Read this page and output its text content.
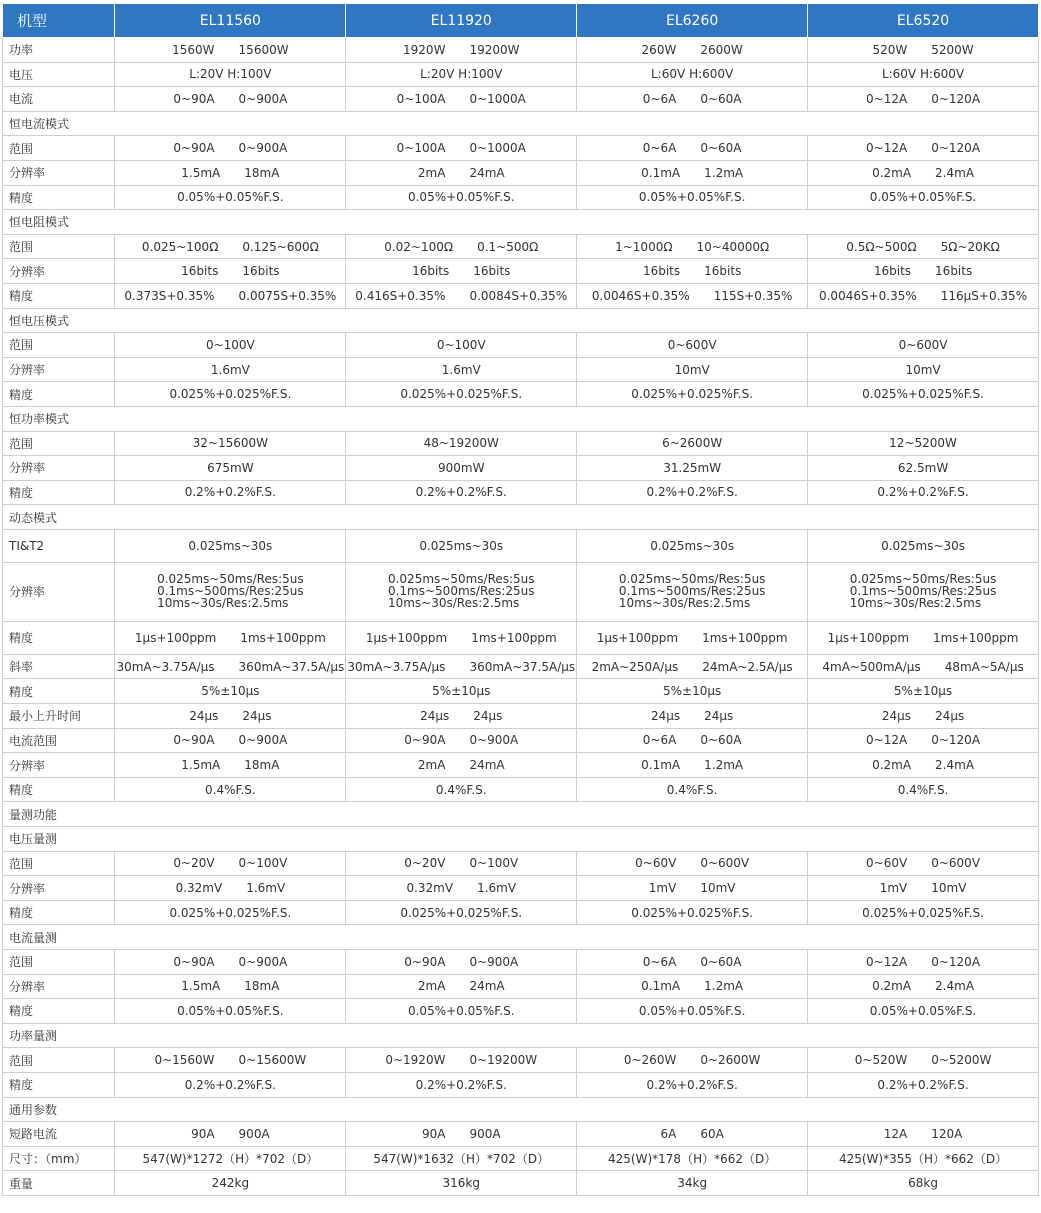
机型	EL11560	EL11920	EL6260	EL6520
功率	1560W 15600W	1920W 19200W	260W 2600W	520W 5200W

电压	L:20V H:100V	L:20V H:100V	L:60V H:600V	L:60V H:600V
电流	0~90A 0~900A	0~100A 0~1000A	0~6A 0~60A	0~12A 0~120A

恒电流模式				
范围	0~90A 0~900A	0~100A 0~1000A	0~6A 0~60A	0~12A 0~120A

分辨率	1.5mA 18mA	2mA 24mA	0.1mA 1.2mA	0.2mA 2.4mA

精度	0.05%+0.05%F.S.	0.05%+0.05%F.S.	0.05%+0.05%F.S.	0.05%+0.05%F.S.
恒电阻模式				
范围	0.025~100Ω 0.125~600Ω	0.02~100Ω 0.1~500Ω	1~1000Ω 10~40000Ω	0.5Ω~500Ω 5Ω~20KΩ

分辨率	16bits 16bits	16bits 16bits	16bits 16bits	16bits 16bits

精度	0.373S+0.35% 0.0075S+0.35%	0.416S+0.35% 0.0084S+0.35%	0.0046S+0.35% 115S+0.35%	0.0046S+0.35% 116μS+0.35%

恒电压模式				
范围	0~100V	0~100V	0~600V	0~600V
分辨率	1.6mV	1.6mV	10mV	10mV
精度	0.025%+0.025%F.S.	0.025%+0.025%F.S.	0.025%+0.025%F.S.	0.025%+0.025%F.S.
恒功率模式				
范围	32~15600W	48~19200W	6~2600W	12~5200W
分辨率	675mW	900mW	31.25mW	62.5mW
精度	0.2%+0.2%F.S.	0.2%+0.2%F.S.	0.2%+0.2%F.S.	0.2%+0.2%F.S.
动态模式				
TI&T2	0.025ms~30s	0.025ms~30s	0.025ms~30s	0.025ms~30s
分辨率	0.025ms~50ms/Res:5us
0.1ms~500ms/Res:25us
10ms~30s/Res:2.5ms	0.025ms~50ms/Res:5us
0.1ms~500ms/Res:25us
10ms~30s/Res:2.5ms	0.025ms~50ms/Res:5us
0.1ms~500ms/Res:25us
10ms~30s/Res:2.5ms	0.025ms~50ms/Res:5us
0.1ms~500ms/Res:25us
10ms~30s/Res:2.5ms

精度	1μs+100ppm 1ms+100ppm	1μs+100ppm 1ms+100ppm	1μs+100ppm 1ms+100ppm	1μs+100ppm 1ms+100ppm

斜率	30mA~3.75A/μs 360mA~37.5A/μs	30mA~3.75A/μs 360mA~37.5A/μs	2mA~250A/μs 24mA~2.5A/μs	4mA~500mA/μs 48mA~5A/μs

精度	5%±10μs	5%±10μs	5%±10μs	5%±10μs
最小上升时间	24μs 24μs	24μs 24μs	24μs 24μs	24μs 24μs

电流范围	0~90A 0~900A	0~90A 0~900A	0~6A 0~60A	0~12A 0~120A

分辨率	1.5mA 18mA	2mA 24mA	0.1mA 1.2mA	0.2mA 2.4mA

精度	0.4%F.S.	0.4%F.S.	0.4%F.S.	0.4%F.S.
量测功能				
电压量测				
范围	0~20V 0~100V	0~20V 0~100V	0~60V 0~600V	0~60V 0~600V

分辨率	0.32mV 1.6mV	0.32mV 1.6mV	1mV 10mV	1mV 10mV

精度	0.025%+0.025%F.S.	0.025%+0.025%F.S.	0.025%+0.025%F.S.	0.025%+0.025%F.S.
电流量测				
范围	0~90A 0~900A	0~90A 0~900A	0~6A 0~60A	0~12A 0~120A

分辨率	1.5mA 18mA	2mA 24mA	0.1mA 1.2mA	0.2mA 2.4mA

精度	0.05%+0.05%F.S.	0.05%+0.05%F.S.	0.05%+0.05%F.S.	0.05%+0.05%F.S.
功率量测				
范围	0~1560W 0~15600W	0~1920W 0~19200W	0~260W 0~2600W	0~520W 0~5200W

精度	0.2%+0.2%F.S.	0.2%+0.2%F.S.	0.2%+0.2%F.S.	0.2%+0.2%F.S.
通用参数				
短路电流	90A 900A	90A 900A	6A 60A	12A 120A

尺寸：（mm）	547(W)*1272（H）*702（D）	547(W)*1632（H）*702（D）	425(W)*178（H）*662（D）	425(W)*355（H）*662（D）
重量	242kg	316kg	34kg	68kg
